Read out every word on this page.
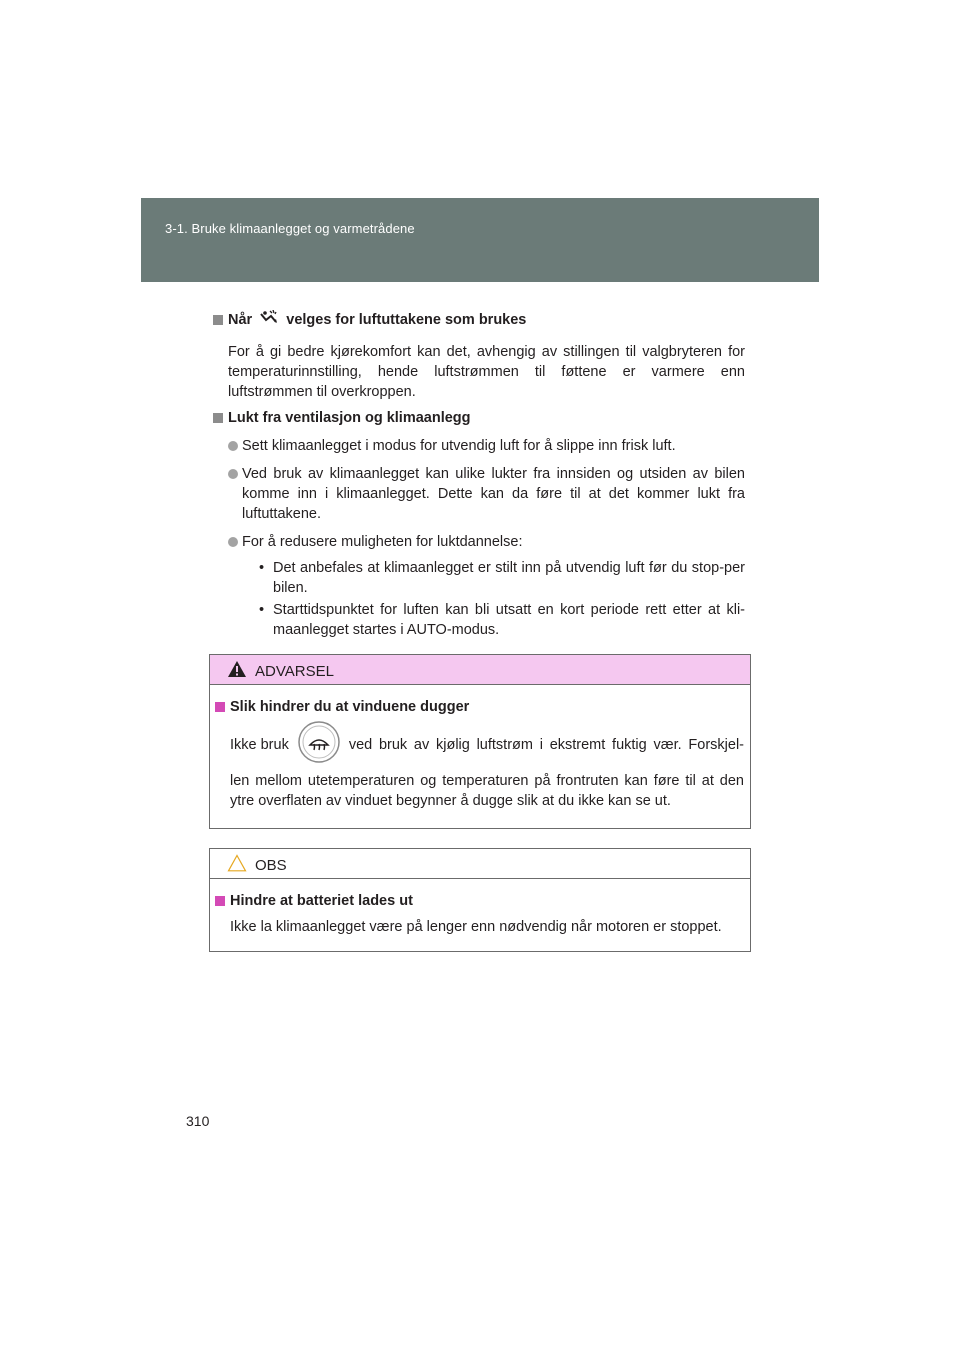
3-1. Bruke klimaanlegget og varmetrådene
Når velges for luftuttakene som brukes

For å gi bedre kjørekomfort kan det, avhengig av stillingen til valgbryteren for temperaturinnstilling, hende luftstrømmen til føttene er varmere enn luftstrømmen til overkroppen.

Lukt fra ventilasjon og klimaanlegg
Sett klimaanlegget i modus for utvendig luft for å slippe inn frisk luft.
Ved bruk av klimaanlegget kan ulike lukter fra innsiden og utsiden av bilen komme inn i klimaanlegget. Dette kan da føre til at det kommer lukt fra luftuttakene.
For å redusere muligheten for luktdannelse:
• Det anbefales at klimaanlegget er stilt inn på utvendig luft før du stop-per bilen.
• Starttidspunktet for luften kan bli utsatt en kort periode rett etter at kli-maanlegget startes i AUTO-modus.
ADVARSEL
Slik hindrer du at vinduene dugger
Ikke bruk	ved bruk av kjølig luftstrøm i ekstremt fuktig vær. Forskjel-
len mellom utetemperaturen og temperaturen på frontruten kan føre til at den ytre overflaten av vinduet begynner å dugge slik at du ikke kan se ut.
OBS
Hindre at batteriet lades ut
Ikke la klimaanlegget være på lenger enn nødvendig når motoren er stoppet.
310
